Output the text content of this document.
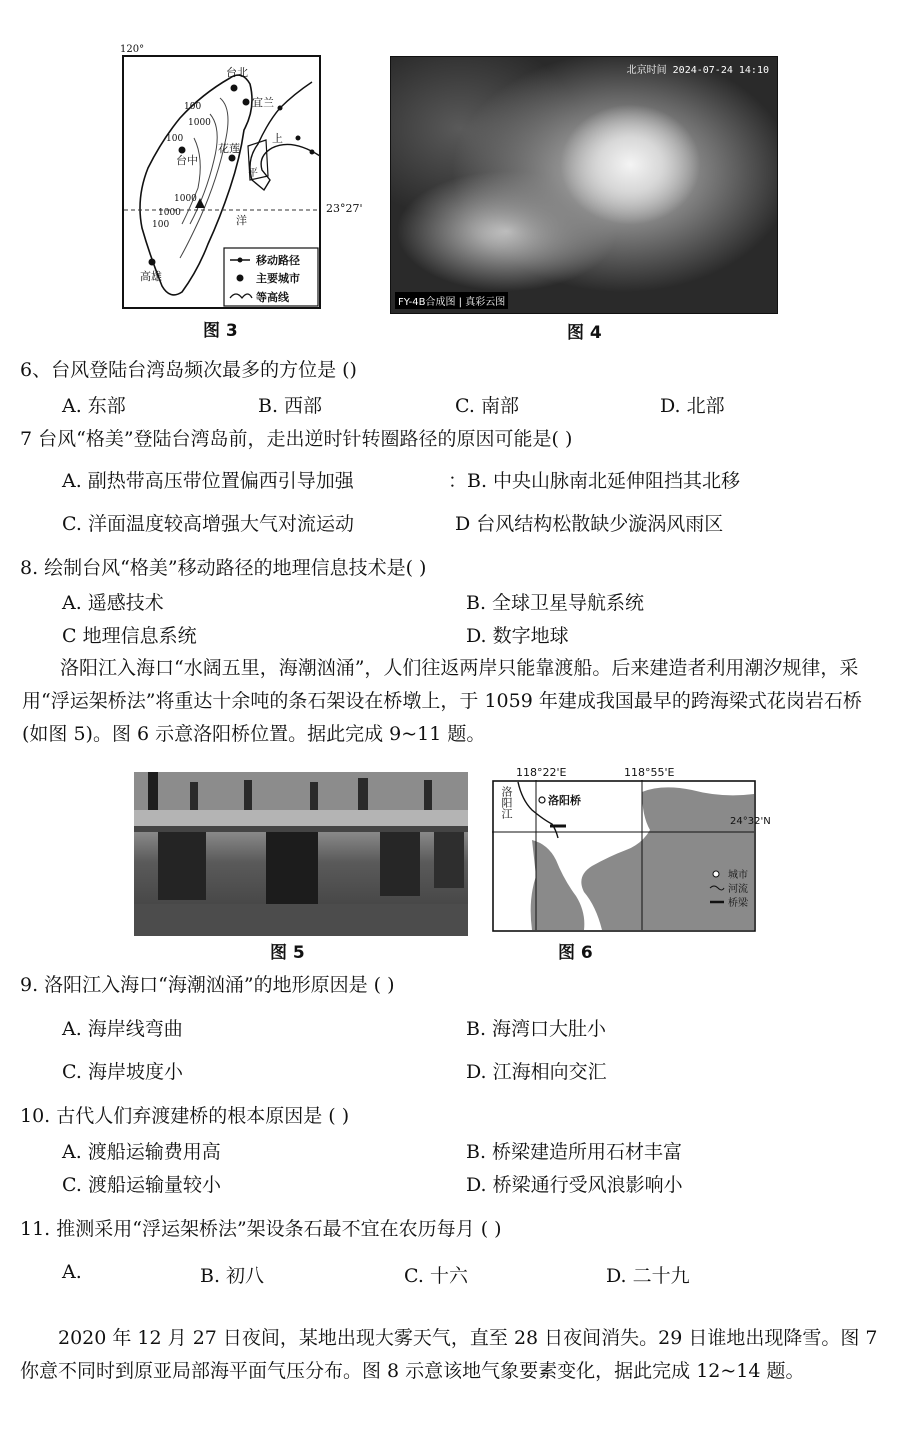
120°
23°27'
台北
宜兰
台中
花莲
高雄
上
平
洋
100
1000
100
1000
1000
100
移动路径
主要城市
等高线
图 3
北京时间 2024-07-24 14:10
FY-4B合成图 | 真彩云图
图 4
6、台风登陆台湾岛频次最多的方位是 ()
A. 东部	B. 西部	C. 南部	D. 北部
7 台风“格美”登陆台湾岛前，走出逆时针转圈路径的原因可能是( )
A. 副热带高压带位置偏西引导加强	：B. 中央山脉南北延伸阻挡其北移
C. 洋面温度较高增强大气对流运动	D 台风结构松散缺少漩涡风雨区
8. 绘制台风“格美”移动路径的地理信息技术是( )
A. 遥感技术	B. 全球卫星导航系统
C 地理信息系统	D. 数字地球
洛阳江入海口“水阔五里，海潮汹涌”，人们往返两岸只能靠渡船。后来建造者利用潮汐规律，采用“浮运架桥法”将重达十余吨的条石架设在桥墩上，于 1059 年建成我国最早的跨海梁式花岗岩石桥(如图 5)。图 6 示意洛阳桥位置。据此完成 9~11 题。
图 5
118°22'E	118°55'E
24°32'N
洛阳江	洛阳桥
城市
河流
桥梁
图 6
9. 洛阳江入海口“海潮汹涌”的地形原因是 ( )
A. 海岸线弯曲	B. 海湾口大肚小
C. 海岸坡度小	D. 江海相向交汇
10. 古代人们弃渡建桥的根本原因是 ( )
A. 渡船运输费用高	B. 桥梁建造所用石材丰富
C. 渡船运输量较小	D. 桥梁通行受风浪影响小
11. 推测采用“浮运架桥法”架设条石最不宜在农历每月 ( )
A.	B. 初八	C. 十六	D. 二十九
2020 年 12 月 27 日夜间，某地出现大雾天气，直至 28 日夜间消失。29 日谁地出现降雪。图 7 你意不同时到原亚局部海平面气压分布。图 8 示意该地气象要素变化，据此完成 12~14 题。
